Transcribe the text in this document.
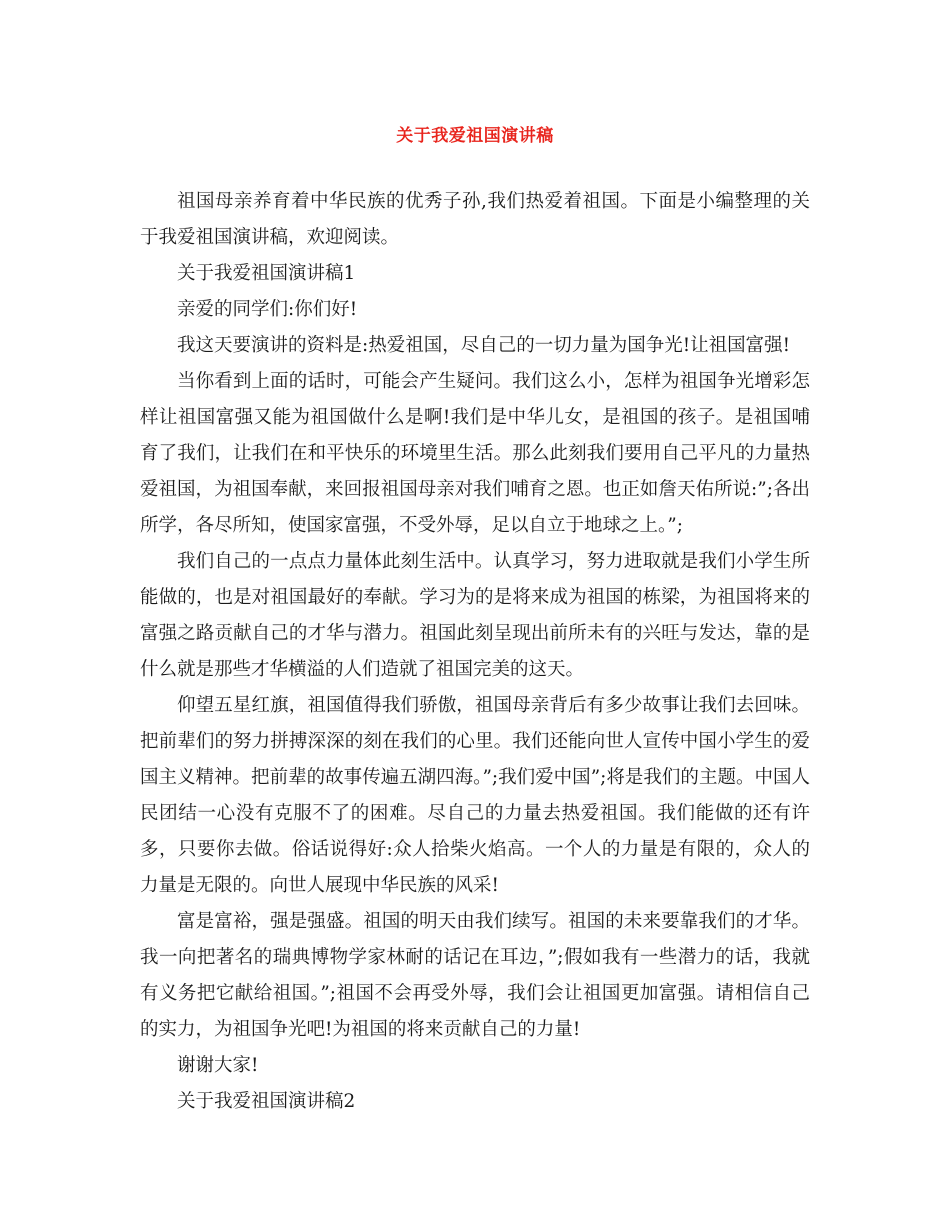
关于我爱祖国演讲稿

祖国母亲养育着中华民族的优秀子孙,我们热爱着祖国。下面是小编整理的关于我爱祖国演讲稿，欢迎阅读。

关于我爱祖国演讲稿1

亲爱的同学们:你们好!

我这天要演讲的资料是:热爱祖国，尽自己的一切力量为国争光!让祖国富强!

当你看到上面的话时，可能会产生疑问。我们这么小，怎样为祖国争光增彩怎样让祖国富强又能为祖国做什么是啊!我们是中华儿女，是祖国的孩子。是祖国哺育了我们，让我们在和平快乐的环境里生活。那么此刻我们要用自己平凡的力量热爱祖国，为祖国奉献，来回报祖国母亲对我们哺育之恩。也正如詹天佑所说:”;各出所学，各尽所知，使国家富强，不受外辱，足以自立于地球之上。”;

我们自己的一点点力量体此刻生活中。认真学习，努力进取就是我们小学生所能做的，也是对祖国最好的奉献。学习为的是将来成为祖国的栋梁，为祖国将来的富强之路贡献自己的才华与潜力。祖国此刻呈现出前所未有的兴旺与发达，靠的是什么就是那些才华横溢的人们造就了祖国完美的这天。

仰望五星红旗，祖国值得我们骄傲，祖国母亲背后有多少故事让我们去回味。把前辈们的努力拼搏深深的刻在我们的心里。我们还能向世人宣传中国小学生的爱国主义精神。把前辈的故事传遍五湖四海。”;我们爱中国”;将是我们的主题。中国人民团结一心没有克服不了的困难。尽自己的力量去热爱祖国。我们能做的还有许多，只要你去做。俗话说得好:众人拾柴火焰高。一个人的力量是有限的，众人的力量是无限的。向世人展现中华民族的风采!

富是富裕，强是强盛。祖国的明天由我们续写。祖国的未来要靠我们的才华。我一向把著名的瑞典博物学家林耐的话记在耳边，”;假如我有一些潜力的话，我就有义务把它献给祖国。”;祖国不会再受外辱，我们会让祖国更加富强。请相信自己的实力，为祖国争光吧!为祖国的将来贡献自己的力量!

谢谢大家!

关于我爱祖国演讲稿2
